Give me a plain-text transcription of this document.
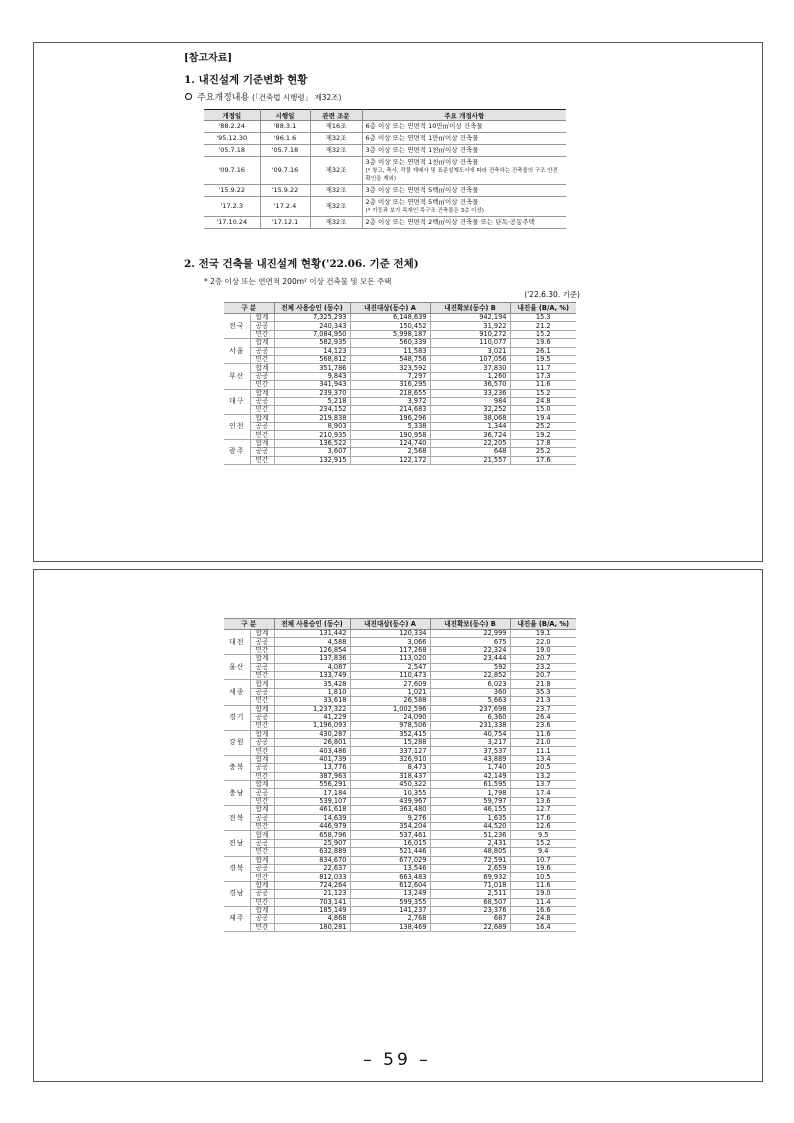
[참고자료]
1. 내진설계 기준변화 현황
주요개정내용 (「건축법 시행령」 제32조)
개정일	시행일	관련 조문	주요 개정사항
'88.2.24	'88.3.1	제16조	6층 이상 또는 연면적 10만㎡이상 건축물
'95.12.30	'96.1.6	제32조	6층 이상 또는 연면적 1만㎡이상 건축물
'05.7.18	'05.7.18	제32조	3층 이상 또는 연면적 1천㎡이상 건축물
'09.7.16	'09.7.16	제32조	3층 이상 또는 연면적 1천㎡이상 건축물
(* 창고, 축사, 작물 재배사 및 표준설계도서에 따라 건축하는 건축물의 구조 안전 확인을 제외)

'15.9.22	'15.9.22	제32조	3층 이상 또는 연면적 5백㎡이상 건축물
'17.2.3	'17.2.4	제32조	2층 이상 또는 연면적 5백㎡이상 건축물
(* 기둥과 보가 목재인 목구조 건축물은 3층 이상)

'17.10.24	'17.12.1	제32조	2층 이상 또는 연면적 2백㎡이상 건축물 또는 단독·공동주택
2. 전국 건축물 내진설계 현황('22.06. 기준 전체)
* 2층 이상 또는 연면적 200m² 이상 건축물 및 모든 주택
('22.6.30. 기준)
구 분		전체 사용승인 (동수)	내진대상(동수) A	내진확보(동수) B	내진율 (B/A, %)
전국	합계	7,325,293	6,148,639	942,194	15.3
	공공	240,343	150,452	31,922	21.2
	민간	7,084,950	5,998,187	910,272	15.2
서울	합계	582,935	560,339	110,077	19.6
	공공	14,123	11,583	3,021	26.1
	민간	568,812	548,756	107,056	19.5
부산	합계	351,786	323,592	37,830	11.7
	공공	9,843	7,297	1,260	17.3
	민간	341,943	316,295	36,570	11.6
대구	합계	239,370	218,655	33,236	15.2
	공공	5,218	3,972	984	24.8
	민간	234,152	214,683	32,252	15.0
인천	합계	219,838	196,296	38,068	19.4
	공공	8,903	5,338	1,344	25.2
	민간	210,935	190,958	36,724	19.2
광주	합계	136,522	124,740	22,205	17.8
	공공	3,607	2,568	648	25.2
	민간	132,915	122,172	21,557	17.6
구 분		전체 사용승인 (동수)	내진대상(동수) A	내진확보(동수) B	내진율 (B/A, %)
대전	합계	131,442	120,334	22,999	19.1
	공공	4,588	3,066	675	22.0
	민간	126,854	117,268	22,324	19.0
울산	합계	137,836	113,020	23,444	20.7
	공공	4,087	2,547	592	23.2
	민간	133,749	110,473	22,852	20.7
세종	합계	35,428	27,609	6,023	21.8
	공공	1,810	1,021	360	35.3
	민간	33,618	26,588	5,663	21.3
경기	합계	1,237,322	1,002,596	237,698	23.7
	공공	41,229	24,090	6,360	26.4
	민간	1,196,093	978,506	231,338	23.6
강원	합계	430,287	352,415	40,754	11.6
	공공	26,801	15,288	3,217	21.0
	민간	403,486	337,127	37,537	11.1
충북	합계	401,739	326,910	43,889	13.4
	공공	13,776	8,473	1,740	20.5
	민간	387,963	318,437	42,149	13.2
충남	합계	556,291	450,322	61,595	13.7
	공공	17,184	10,355	1,798	17.4
	민간	539,107	439,967	59,797	13.6
전북	합계	461,618	363,480	46,155	12.7
	공공	14,639	9,276	1,635	17.6
	민간	446,979	354,204	44,520	12.6
전남	합계	658,796	537,461	51,236	9.5
	공공	25,907	16,015	2,431	15.2
	민간	632,889	521,446	48,805	9.4
경북	합계	834,670	677,029	72,591	10.7
	공공	22,637	13,546	2,659	19.6
	민간	812,033	663,483	69,932	10.5
경남	합계	724,264	612,604	71,018	11.6
	공공	21,123	13,249	2,511	19.0
	민간	703,141	599,355	68,507	11.4
제주	합계	185,149	141,237	23,376	16.6
	공공	4,868	2,768	687	24.8
	민간	180,281	138,469	22,689	16.4
– 59 –
